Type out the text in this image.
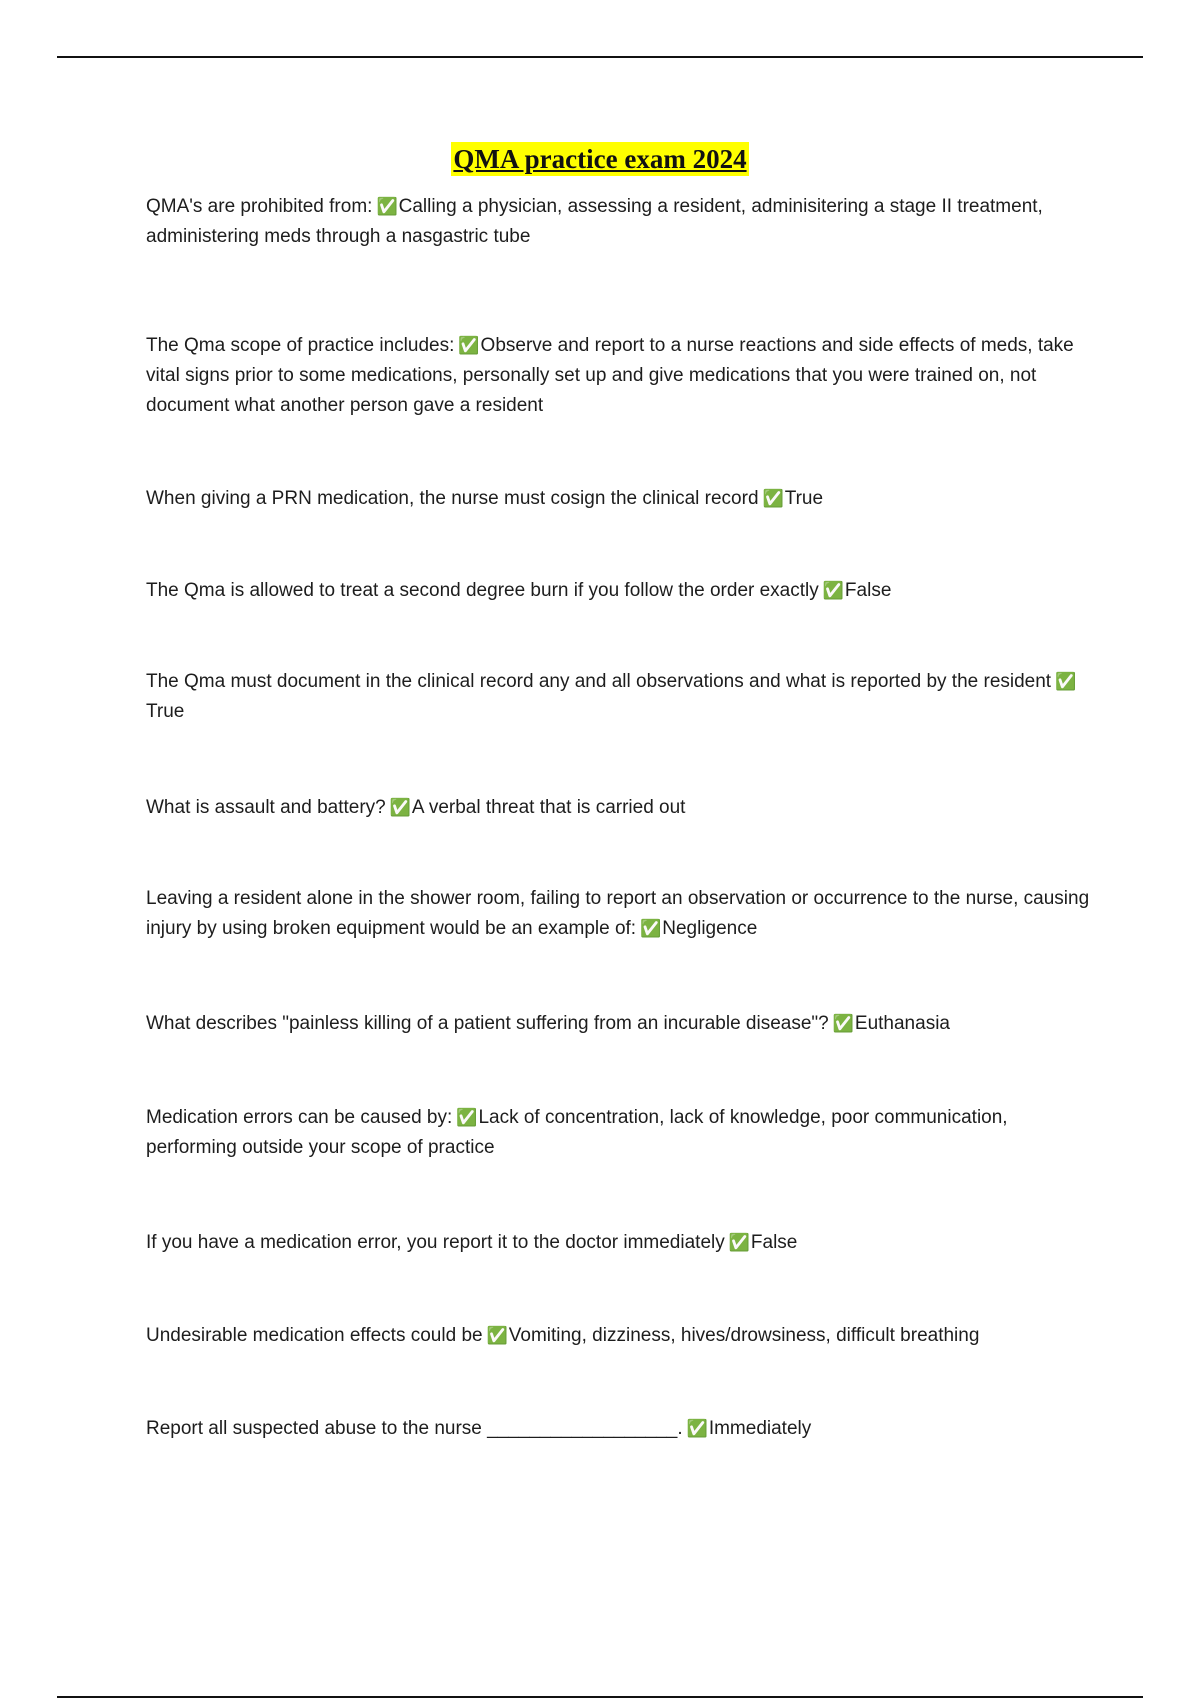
QMA practice exam 2024
QMA's are prohibited from: ✅Calling a physician, assessing a resident, adminisitering a stage II treatment, administering meds through a nasgastric tube
The Qma scope of practice includes: ✅Observe and report to a nurse reactions and side effects of meds, take vital signs prior to some medications, personally set up and give medications that you were trained on, not document what another person gave a resident
When giving a PRN medication, the nurse must cosign the clinical record ✅True
The Qma is allowed to treat a second degree burn if you follow the order exactly ✅False
The Qma must document in the clinical record any and all observations and what is reported by the resident ✅True
What is assault and battery? ✅A verbal threat that is carried out
Leaving a resident alone in the shower room, failing to report an observation or occurrence to the nurse, causing injury by using broken equipment would be an example of: ✅Negligence
What describes "painless killing of a patient suffering from an incurable disease"? ✅Euthanasia
Medication errors can be caused by: ✅Lack of concentration, lack of knowledge, poor communication, performing outside your scope of practice
If you have a medication error, you report it to the doctor immediately ✅False
Undesirable medication effects could be ✅Vomiting, dizziness, hives/drowsiness, difficult breathing
Report all suspected abuse to the nurse __________________. ✅Immediately
